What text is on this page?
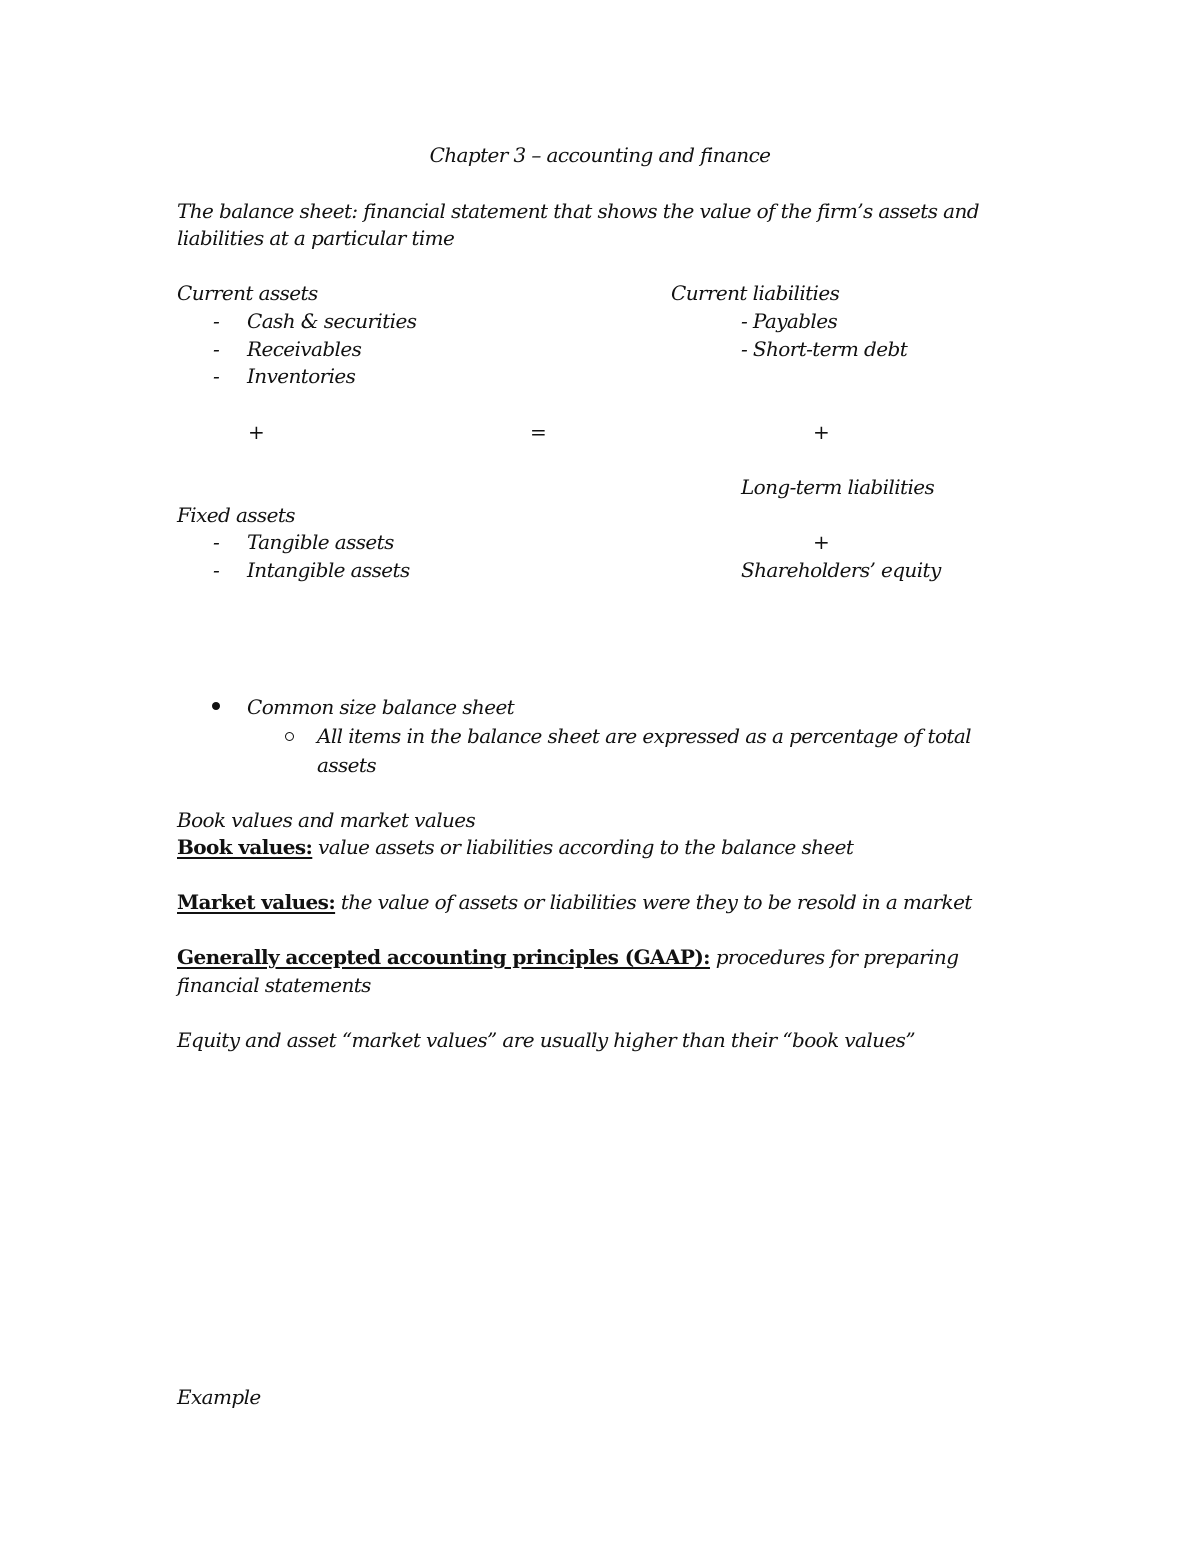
Chapter 3 – accounting and finance
The balance sheet: financial statement that shows the value of the firm’s assets and
liabilities at a particular time
Current assets
- Cash & securities
- Receivables
- Inventories
Current liabilities
- Payables
- Short-term debt
+	=	+
Long-term liabilities
Fixed assets
- Tangible assets
- Intangible assets
+
Shareholders’ equity
Common size balance sheet
All items in the balance sheet are expressed as a percentage of total
assets
Book values and market values
Book values: value assets or liabilities according to the balance sheet
Market values: the value of assets or liabilities were they to be resold in a market
Generally accepted accounting principles (GAAP): procedures for preparing
financial statements
Equity and asset “market values” are usually higher than their “book values”
Example
